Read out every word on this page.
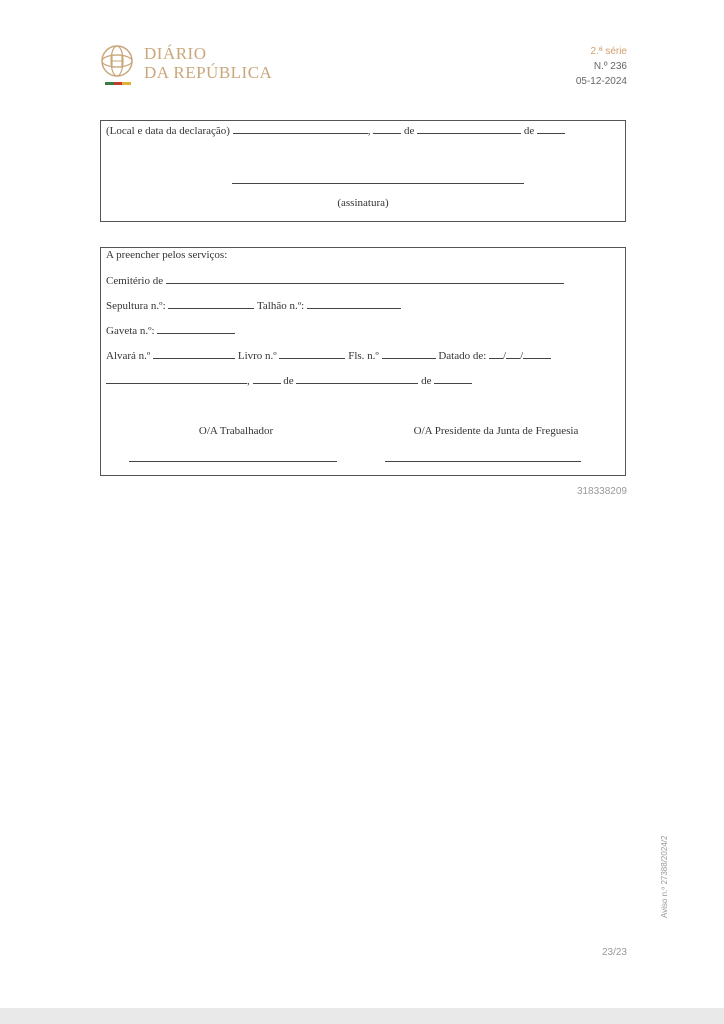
DIÁRIO
DA REPÚBLICA
2.ª série
N.º 236
05-12-2024
(Local e data da declaração)	,	de	de
(assinatura)
A preencher pelos serviços:
Cemitério de
Sepultura n.º:	Talhão n.º:
Gaveta n.º:
Alvará n.º	Livro n.º	Fls. n.º	Datado de: / /
,	de	de
O/A Trabalhador	O/A Presidente da Junta de Freguesia
318338209
Aviso n.º 27388/2024/2
23/23
